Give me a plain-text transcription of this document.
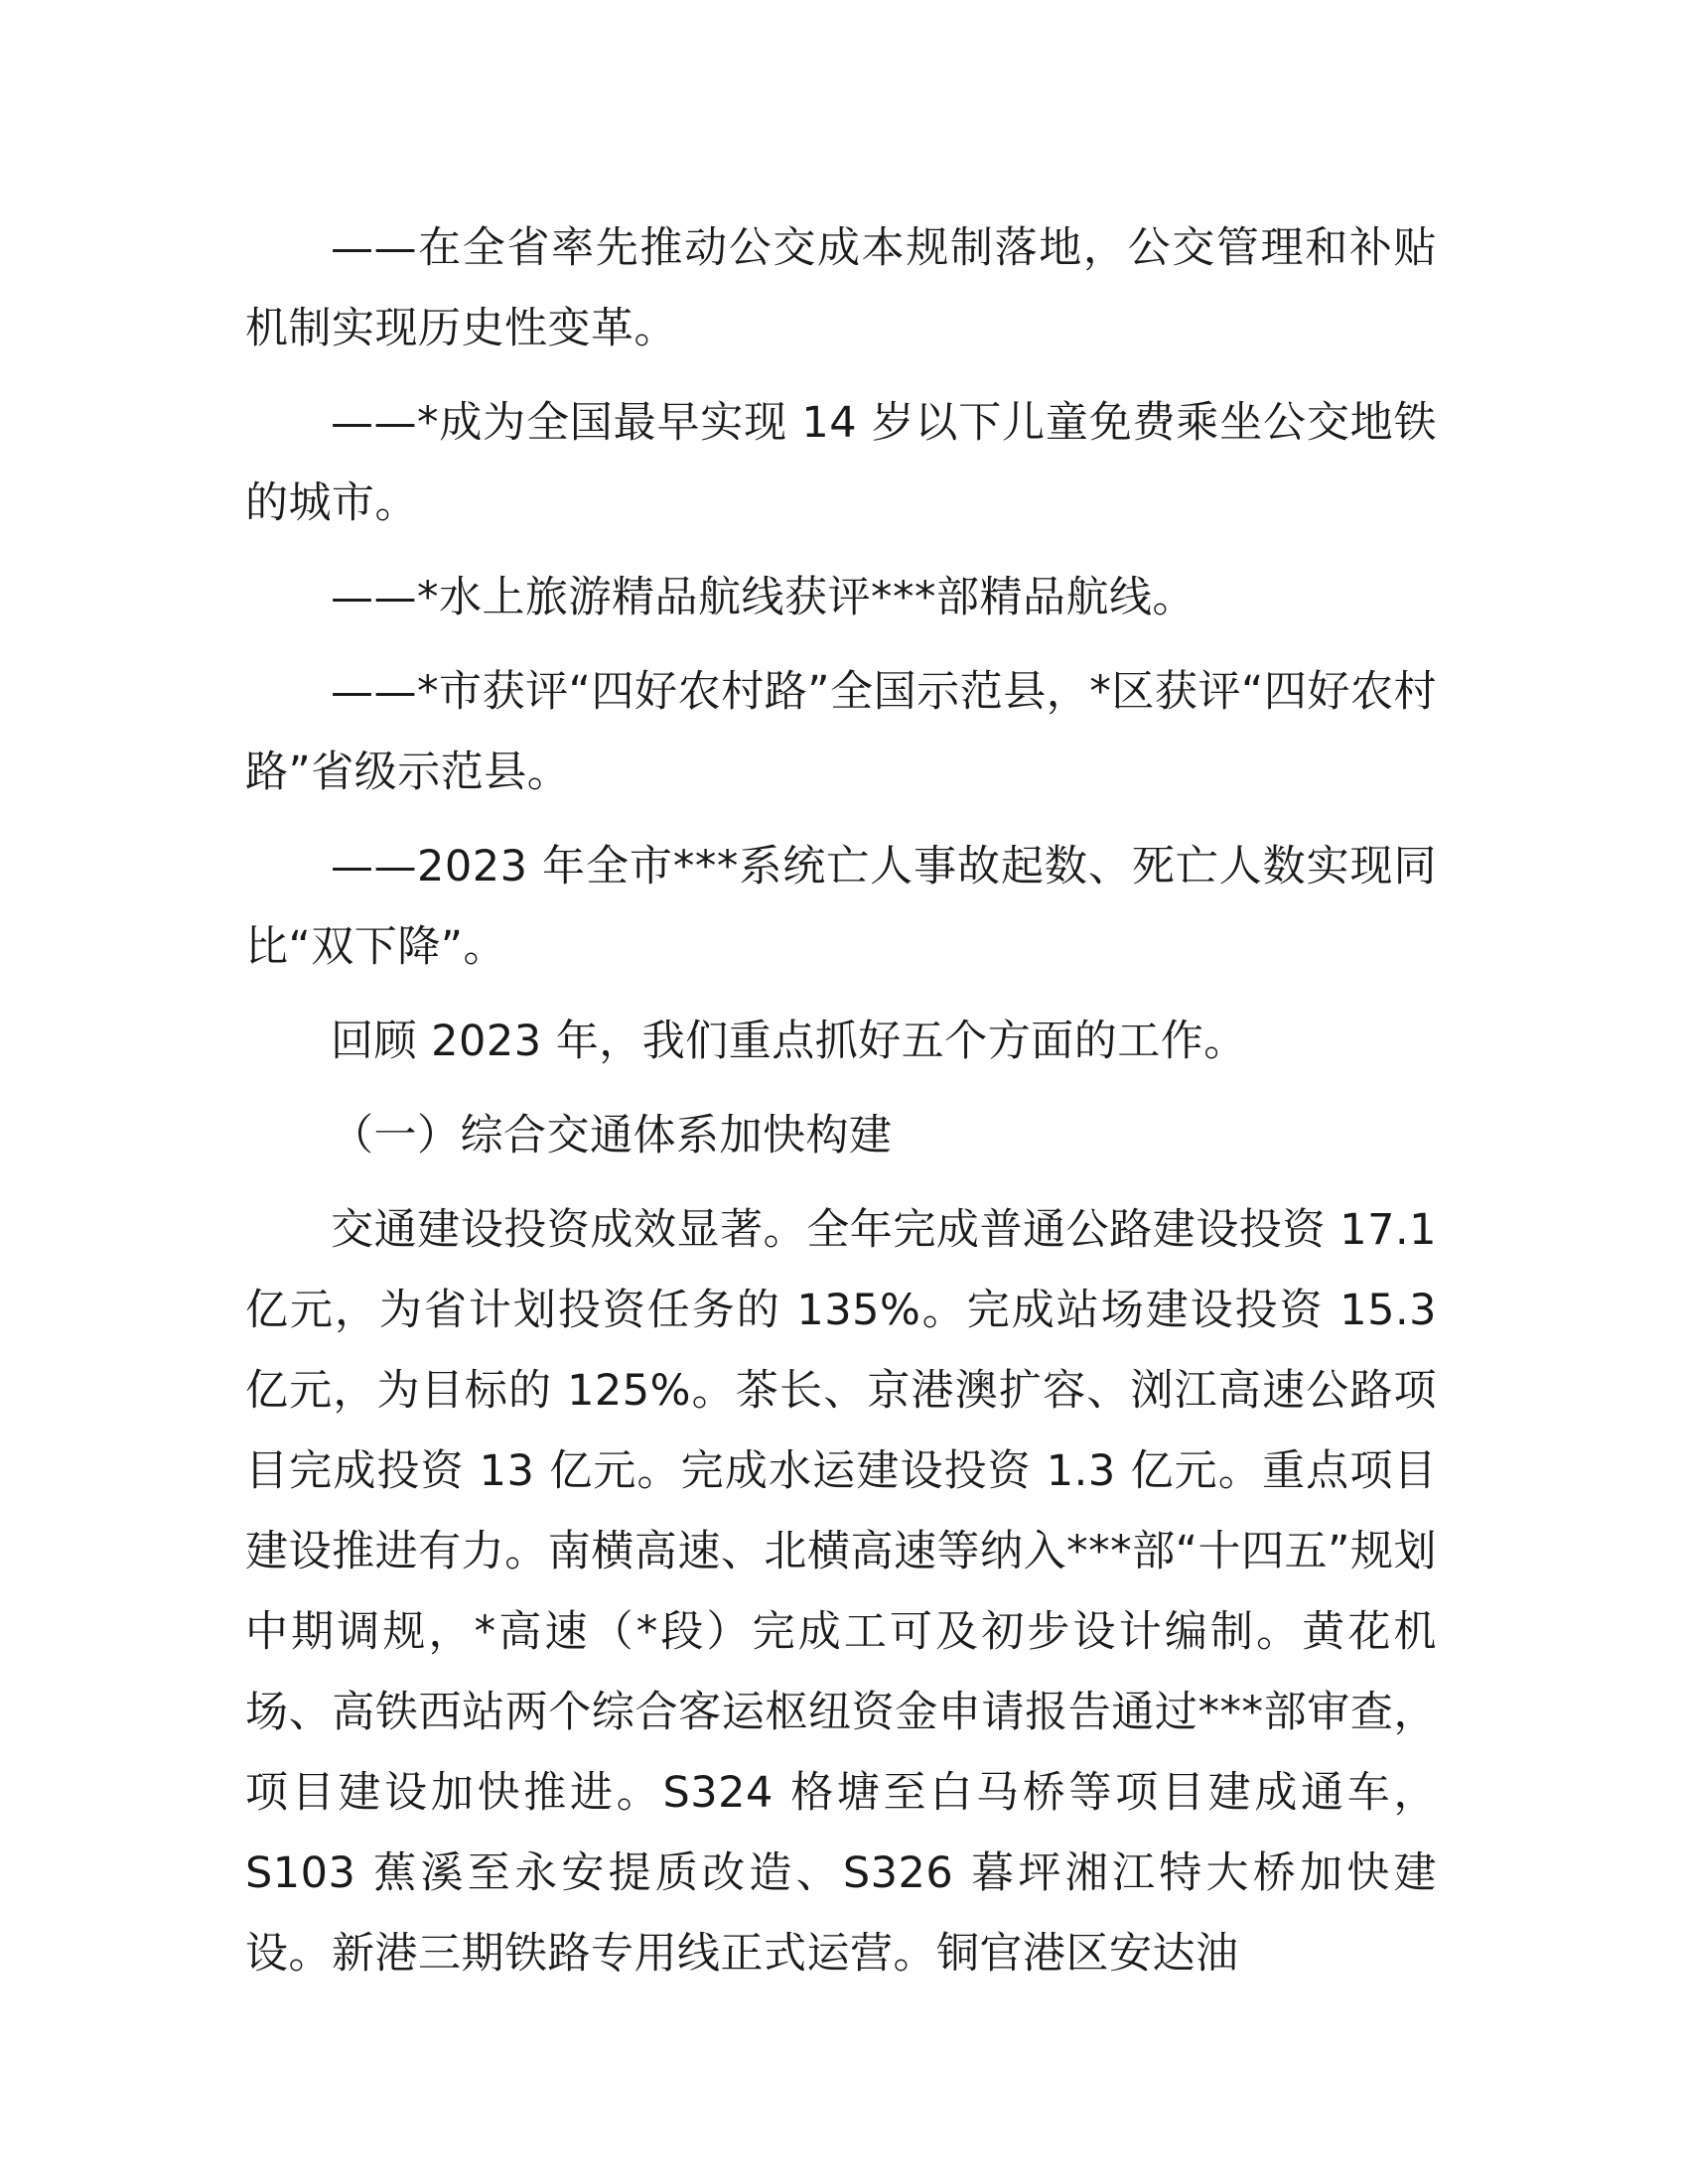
——在全省率先推动公交成本规制落地，公交管理和补贴机制实现历史性变革。

——*成为全国最早实现 14 岁以下儿童免费乘坐公交地铁的城市。

——*水上旅游精品航线获评***部精品航线。

——*市获评“四好农村路”全国示范县，*区获评“四好农村路”省级示范县。

——2023 年全市***系统亡人事故起数、死亡人数实现同比“双下降”。

回顾 2023 年，我们重点抓好五个方面的工作。

（一）综合交通体系加快构建

交通建设投资成效显著。全年完成普通公路建设投资 17.1 亿元，为省计划投资任务的 135%。完成站场建设投资 15.3 亿元，为目标的 125%。茶长、京港澳扩容、浏江高速公路项目完成投资 13 亿元。完成水运建设投资 1.3 亿元。重点项目建设推进有力。南横高速、北横高速等纳入***部“十四五”规划中期调规，*高速（*段）完成工可及初步设计编制。黄花机场、高铁西站两个综合客运枢纽资金申请报告通过***部审查，项目建设加快推进。S324 格塘至白马桥等项目建成通车，S103 蕉溪至永安提质改造、S326 暮坪湘江特大桥加快建设。新港三期铁路专用线正式运营。铜官港区安达油
